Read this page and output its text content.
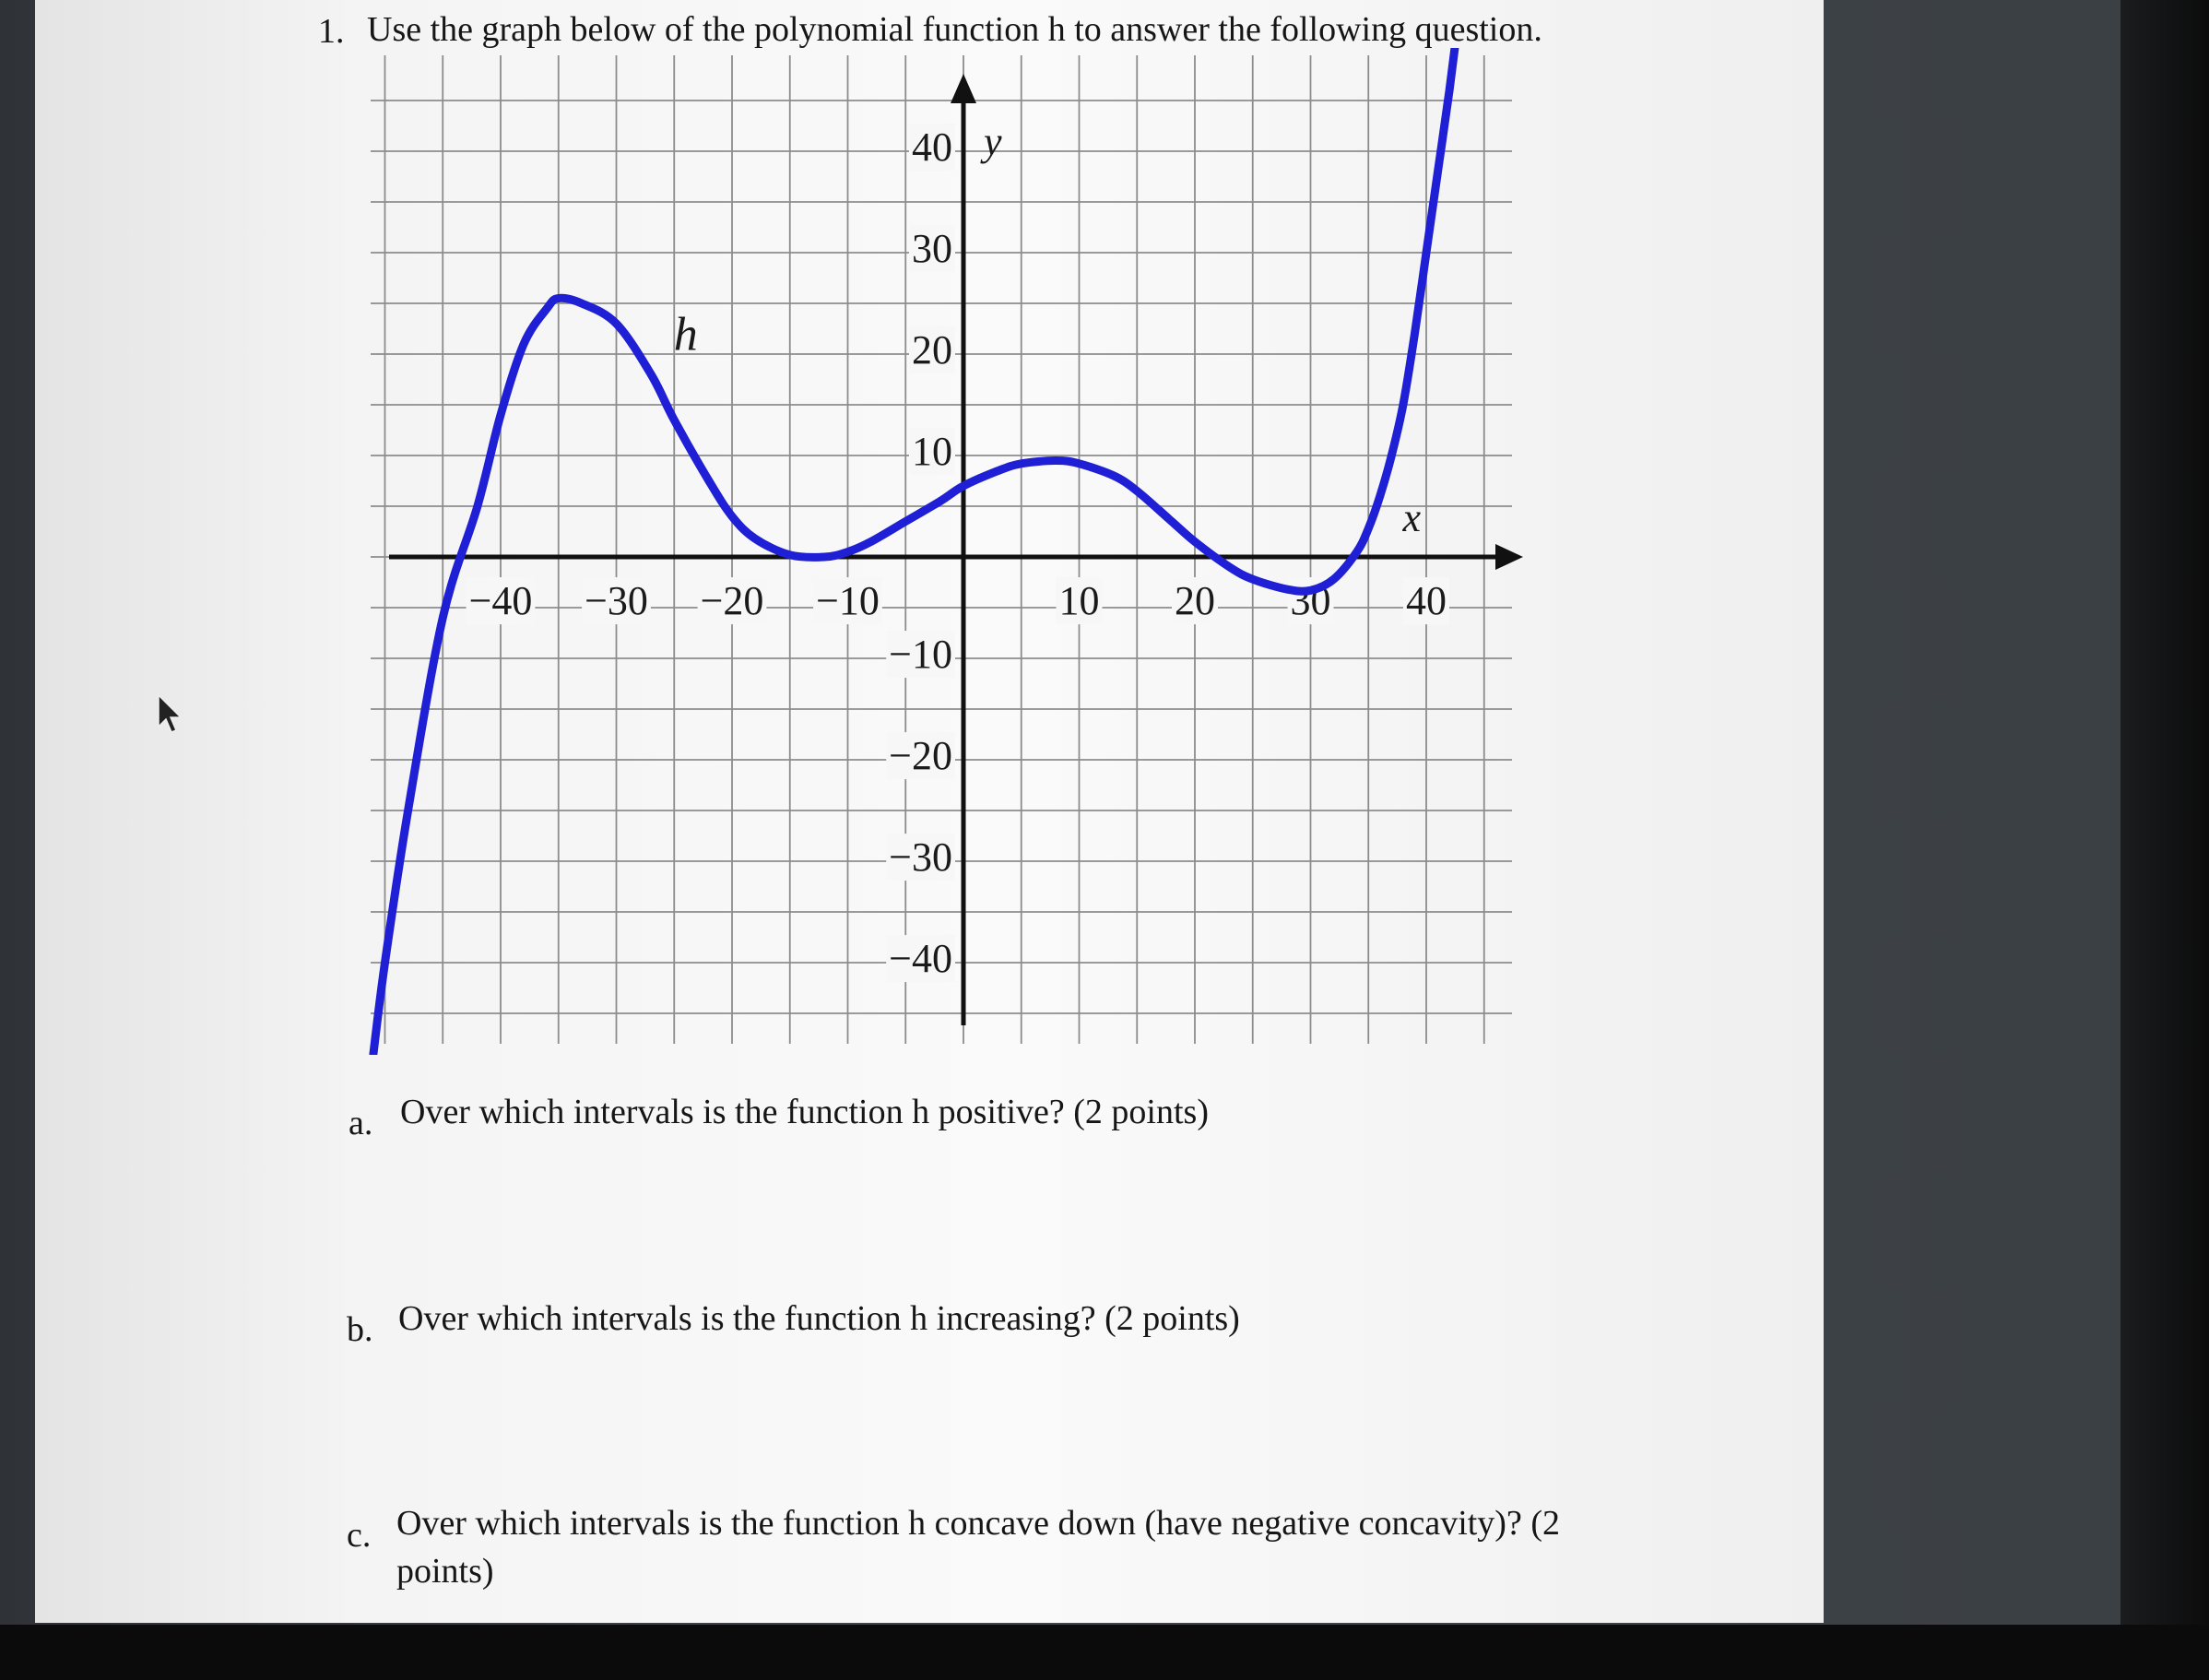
1. Use the graph below of the polynomial function h to answer the following question.
x
y
−40 −30 −20 −10	10 20 30 40
40
30
20
10
−10
−20
−30
−40
h
a. Over which intervals is the function h positive? (2 points)
b. Over which intervals is the function h increasing? (2 points)
c. Over which intervals is the function h concave down (have negative concavity)? (2
points)
